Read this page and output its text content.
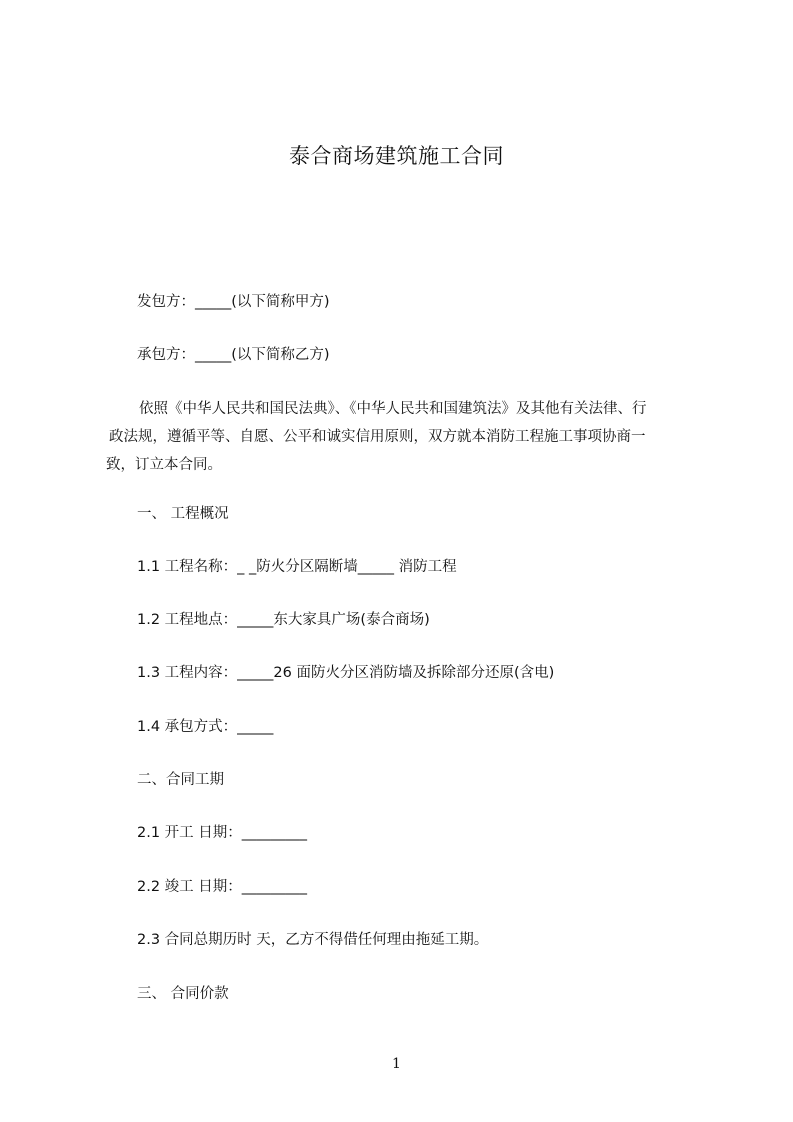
泰合商场建筑施工合同
发包方：_____(以下简称甲方)
承包方：_____(以下简称乙方)
依照《中华人民共和国民法典》、《中华人民共和国建筑法》及其他有关法律、行
政法规，遵循平等、自愿、公平和诚实信用原则，双方就本消防工程施工事项协商一
致，订立本合同。
一、 工程概况
1.1 工程名称：_ _防火分区隔断墙_____ 消防工程
1.2 工程地点：_____东大家具广场(泰合商场)
1.3 工程内容：_____26 面防火分区消防墙及拆除部分还原(含电)
1.4 承包方式：_____
二、合同工期
2.1 开工 日期：_________
2.2 竣工 日期：_________
2.3 合同总期历时 天，乙方不得借任何理由拖延工期。
三、 合同价款
1
